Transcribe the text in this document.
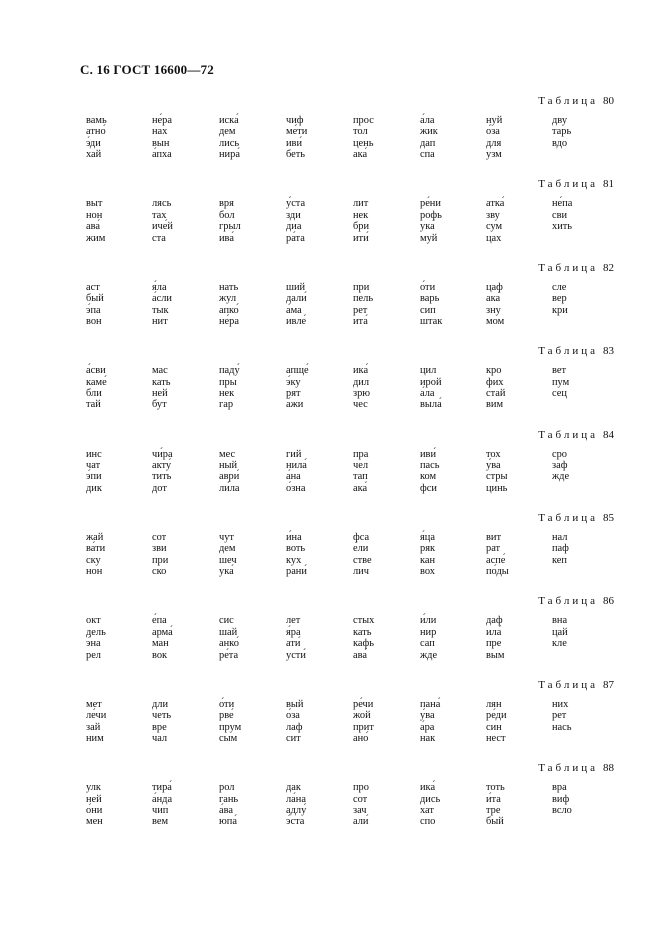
С. 16 ГОСТ 16600—72
Таблица 80
вамь
атно́
э́ди
хай
не́ра
нах
вын
а́пха
иска́
дем
лись
нира́
чиф
ме́ти
иви́
беть
прос
тол
цень
ака́
а́ла
жик
дап
спа
нуй
о́за
для
узм
дву
тарь
вдо
Таблица 81
выт
нон
ава́
жим
лясь
тах
иче́й
ста
вря
бол
грыл
ива́
у́ста
зди
диа
ра́та
лит
нек
бри
ити́
ре́ни
рофь
ука́
муй
атка́
зву
сум
цах
не́па
сви
хить
Таблица 82
аст
бый
э́па
вон
я́ла
а́сли
тык
нит
нать
жул
апко́
не́ра
ший
дали́
а́ма
ивле́
при
пель
рет
ита́
о́ти
варь
сип
штак
цаф
ака́
зну
мом
сле
вер
кри
Таблица 83
а́сви
каме́
бли
тай
мас
кать
ней
бут
паду́
пры
нек
гар
апще́
э́ку
рят
а́жи
ика́
дил
зрю
чес
цил
ирой
а́ла
выла́
кро
фих
стай
вим
вет
пум
сец
Таблица 84
инс
чат
э́пи
дик
чи́ра
акту́
тить
дот
мес
ный
аври́
ли́ла
гий
нила́
а́на
о́зна
пра
чел
тап
ака́
иви́
пась
ком
фси
тох
у́ва
стры
цинь
сро
заф
жде
Таблица 85
жай
ва́ти
ску
нон
сот
зви
при
ско
чут
дем
шеч
ука́
и́на
воть
кух
рани́
фса
е́ли
стве
лич
я́ца
ряк
кан
вох
вит
рат
аспе́
по́ды
нал
паф
кеп
Таблица 86
окт
дель
э́на
рел
е́па
арма́
ман
вок
сис
шай
анко́
ре́та
лет
я́ра
ати́
усти́
стых
кать
кафь
ава́
и́ли
нир
сап
жде
даф
ила́
пре
вым
вна
цай
кле
Таблица 87
мет
ле́чи
зай
ним
дли
четь
вре
чал
о́ти
рве́
прум
сым
вый
о́за
лаф
сит
ре́чи
жой
прит
ано́
пана́
у́ва
а́ра
нак
лян
ре́ди
син
нест
них
рет
нась
Таблица 88
улк
ней
о́ни
мен
тира́
а́нда
чип
вем
рол
гань
а́ва
юпа́
дак
ла́на
адлу́
э́ста
про
сот
зач
али́
ика́
дись
хат
спо
тоть
и́та
тре
бый
вра
виф
всло
